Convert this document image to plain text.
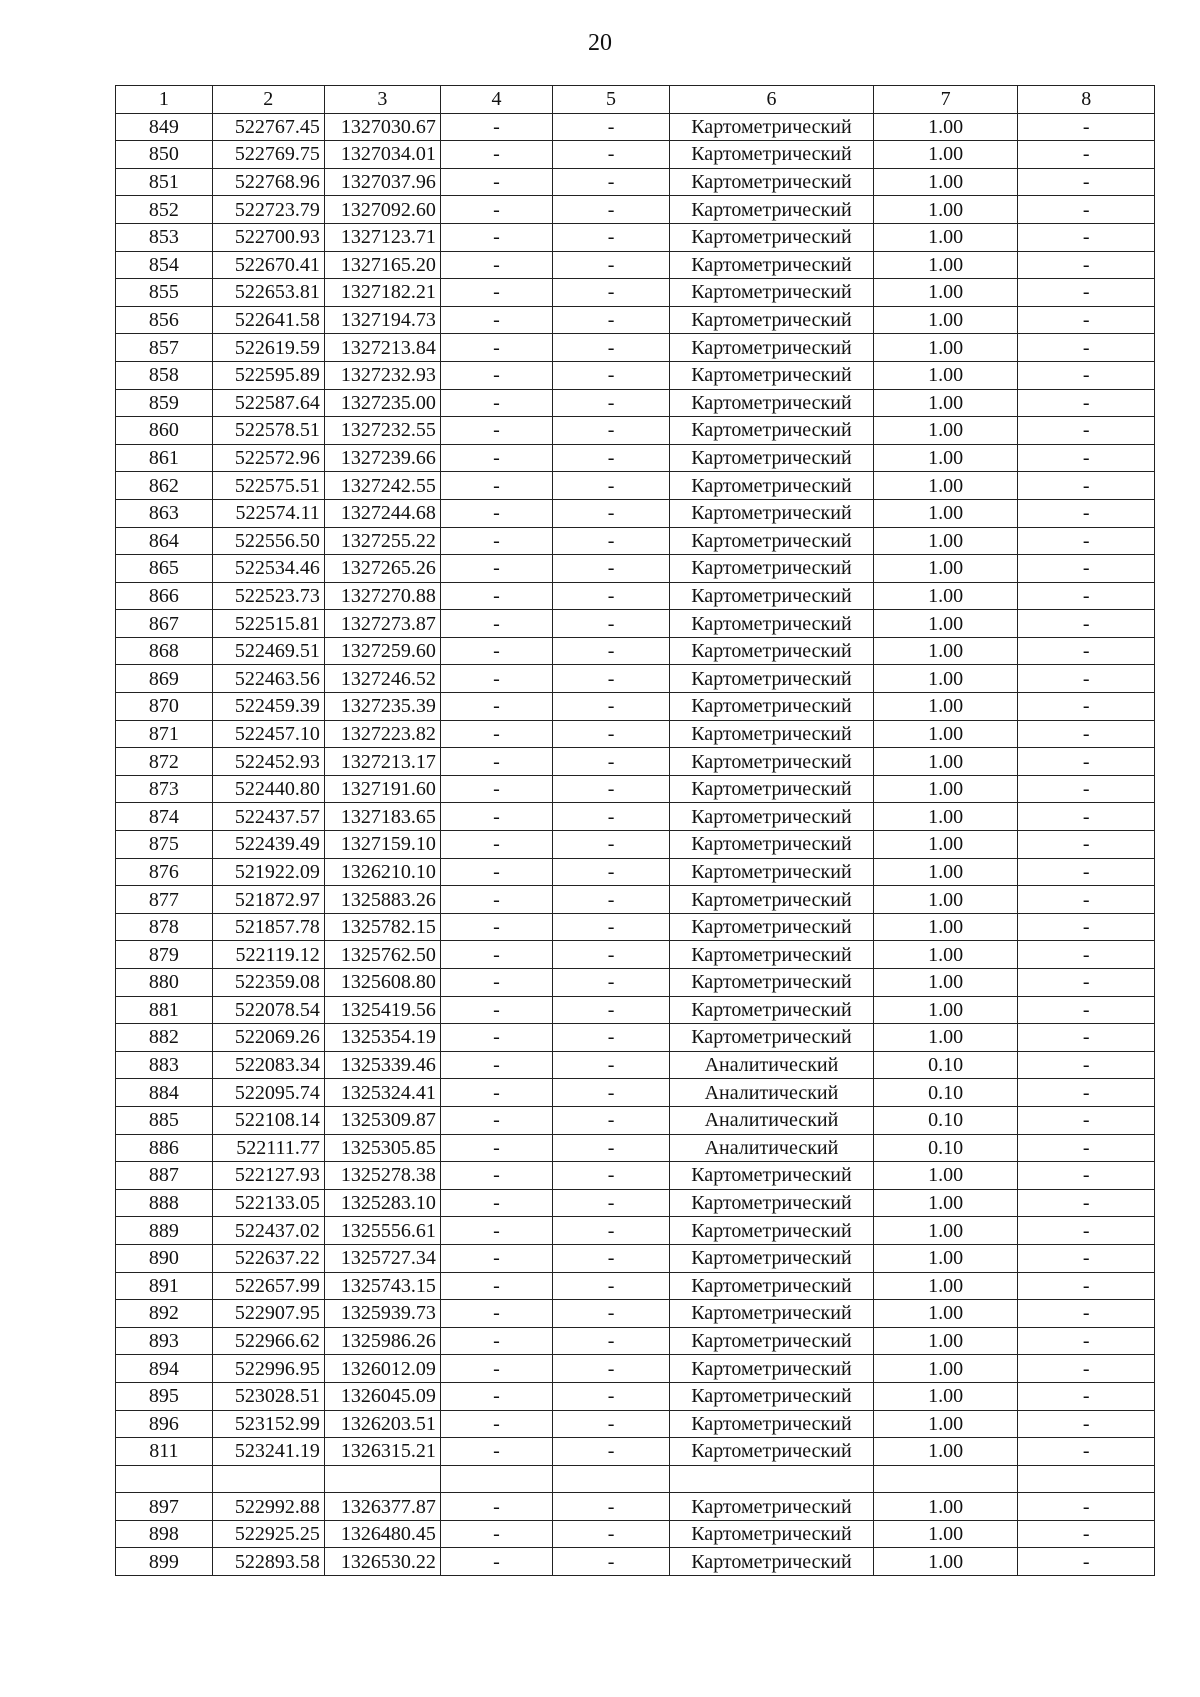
20
1	2	3	4	5	6	7	8
849	522767.45	1327030.67	-	-	Картометрический	1.00	-
850	522769.75	1327034.01	-	-	Картометрический	1.00	-
851	522768.96	1327037.96	-	-	Картометрический	1.00	-
852	522723.79	1327092.60	-	-	Картометрический	1.00	-
853	522700.93	1327123.71	-	-	Картометрический	1.00	-
854	522670.41	1327165.20	-	-	Картометрический	1.00	-
855	522653.81	1327182.21	-	-	Картометрический	1.00	-
856	522641.58	1327194.73	-	-	Картометрический	1.00	-
857	522619.59	1327213.84	-	-	Картометрический	1.00	-
858	522595.89	1327232.93	-	-	Картометрический	1.00	-
859	522587.64	1327235.00	-	-	Картометрический	1.00	-
860	522578.51	1327232.55	-	-	Картометрический	1.00	-
861	522572.96	1327239.66	-	-	Картометрический	1.00	-
862	522575.51	1327242.55	-	-	Картометрический	1.00	-
863	522574.11	1327244.68	-	-	Картометрический	1.00	-
864	522556.50	1327255.22	-	-	Картометрический	1.00	-
865	522534.46	1327265.26	-	-	Картометрический	1.00	-
866	522523.73	1327270.88	-	-	Картометрический	1.00	-
867	522515.81	1327273.87	-	-	Картометрический	1.00	-
868	522469.51	1327259.60	-	-	Картометрический	1.00	-
869	522463.56	1327246.52	-	-	Картометрический	1.00	-
870	522459.39	1327235.39	-	-	Картометрический	1.00	-
871	522457.10	1327223.82	-	-	Картометрический	1.00	-
872	522452.93	1327213.17	-	-	Картометрический	1.00	-
873	522440.80	1327191.60	-	-	Картометрический	1.00	-
874	522437.57	1327183.65	-	-	Картометрический	1.00	-
875	522439.49	1327159.10	-	-	Картометрический	1.00	-
876	521922.09	1326210.10	-	-	Картометрический	1.00	-
877	521872.97	1325883.26	-	-	Картометрический	1.00	-
878	521857.78	1325782.15	-	-	Картометрический	1.00	-
879	522119.12	1325762.50	-	-	Картометрический	1.00	-
880	522359.08	1325608.80	-	-	Картометрический	1.00	-
881	522078.54	1325419.56	-	-	Картометрический	1.00	-
882	522069.26	1325354.19	-	-	Картометрический	1.00	-
883	522083.34	1325339.46	-	-	Аналитический	0.10	-
884	522095.74	1325324.41	-	-	Аналитический	0.10	-
885	522108.14	1325309.87	-	-	Аналитический	0.10	-
886	522111.77	1325305.85	-	-	Аналитический	0.10	-
887	522127.93	1325278.38	-	-	Картометрический	1.00	-
888	522133.05	1325283.10	-	-	Картометрический	1.00	-
889	522437.02	1325556.61	-	-	Картометрический	1.00	-
890	522637.22	1325727.34	-	-	Картометрический	1.00	-
891	522657.99	1325743.15	-	-	Картометрический	1.00	-
892	522907.95	1325939.73	-	-	Картометрический	1.00	-
893	522966.62	1325986.26	-	-	Картометрический	1.00	-
894	522996.95	1326012.09	-	-	Картометрический	1.00	-
895	523028.51	1326045.09	-	-	Картометрический	1.00	-
896	523152.99	1326203.51	-	-	Картометрический	1.00	-
811	523241.19	1326315.21	-	-	Картометрический	1.00	-

897	522992.88	1326377.87	-	-	Картометрический	1.00	-
898	522925.25	1326480.45	-	-	Картометрический	1.00	-
899	522893.58	1326530.22	-	-	Картометрический	1.00	-
